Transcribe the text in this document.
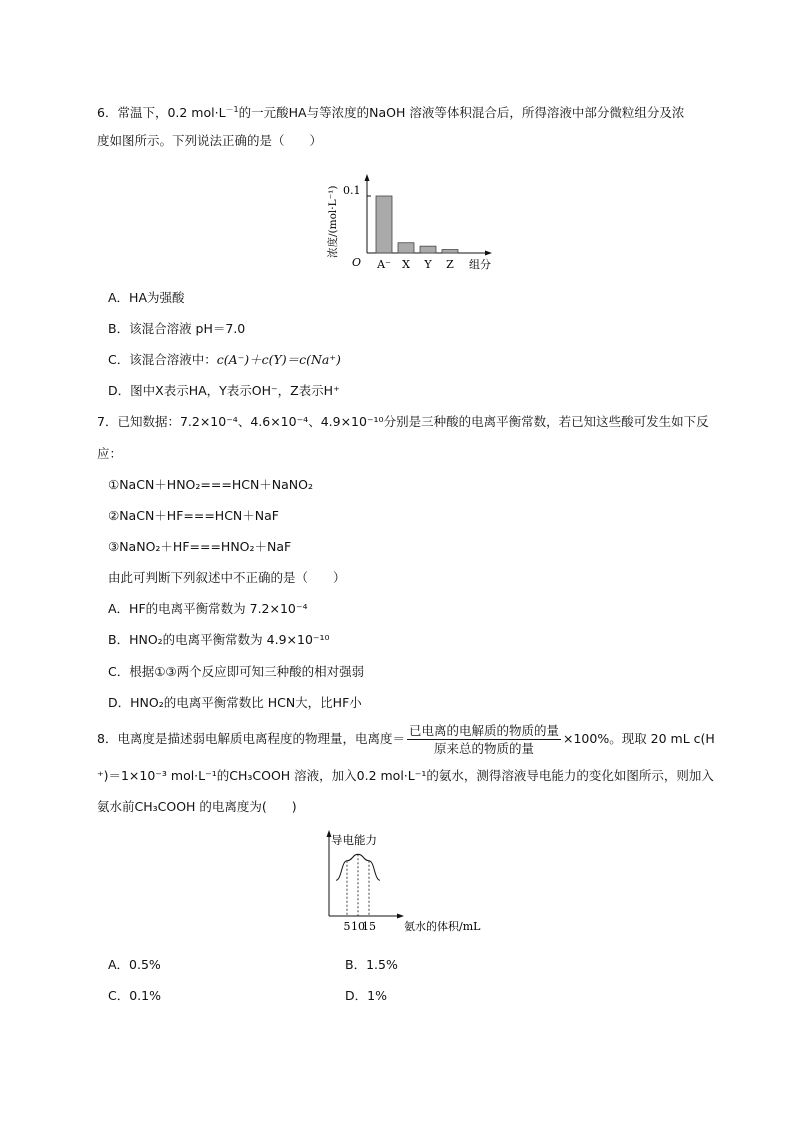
6．常温下，0.2 $mol\cdot L^{-1}$的一元酸HA与等浓度的NaOH 溶液等体积混合后，所得溶液中部分微粒组分及浓
度如图所示。下列说法正确的是（　　）
0.1
浓度/(mol·L⁻¹)
O A⁻ X Y Z 组分
A．HA为强酸
B．该混合溶液 pH＝7.0
C．该混合溶液中：c(A⁻)＋c(Y)＝c(Na⁺)
D．图中X表示HA，Y表示OH⁻，Z表示H⁺
7．已知数据：7.2×10⁻⁴、4.6×10⁻⁴、4.9×10⁻¹⁰分别是三种酸的电离平衡常数，若已知这些酸可发生如下反
应：
①NaCN＋HNO₂===HCN＋NaNO₂
②NaCN＋HF===HCN＋NaF
③NaNO₂＋HF===HNO₂＋NaF
由此可判断下列叙述中不正确的是（　　）
A．HF的电离平衡常数为 7.2×10⁻⁴
B．HNO₂的电离平衡常数为 4.9×10⁻¹⁰
C．根据①③两个反应即可知三种酸的相对强弱
D．HNO₂的电离平衡常数比 HCN大，比HF小
8．电离度是描述弱电解质电离程度的物理量，电离度＝ $\frac{\text{已电离的电解质的物质的量}}{\text{原来总的物质的量}} \times 100\%$。现取 20 mL c(H
⁺)＝1×10⁻³ mol·L⁻¹的CH₃COOH 溶液，加入0.2 mol·L⁻¹的氨水，测得溶液导电能力的变化如图所示，则加入
氨水前CH₃COOH 的电离度为(　　)
导电能力
5 10
15	氨水的体积/mL
A．0.5%	B．1.5%
C．0.1%	D．1%
